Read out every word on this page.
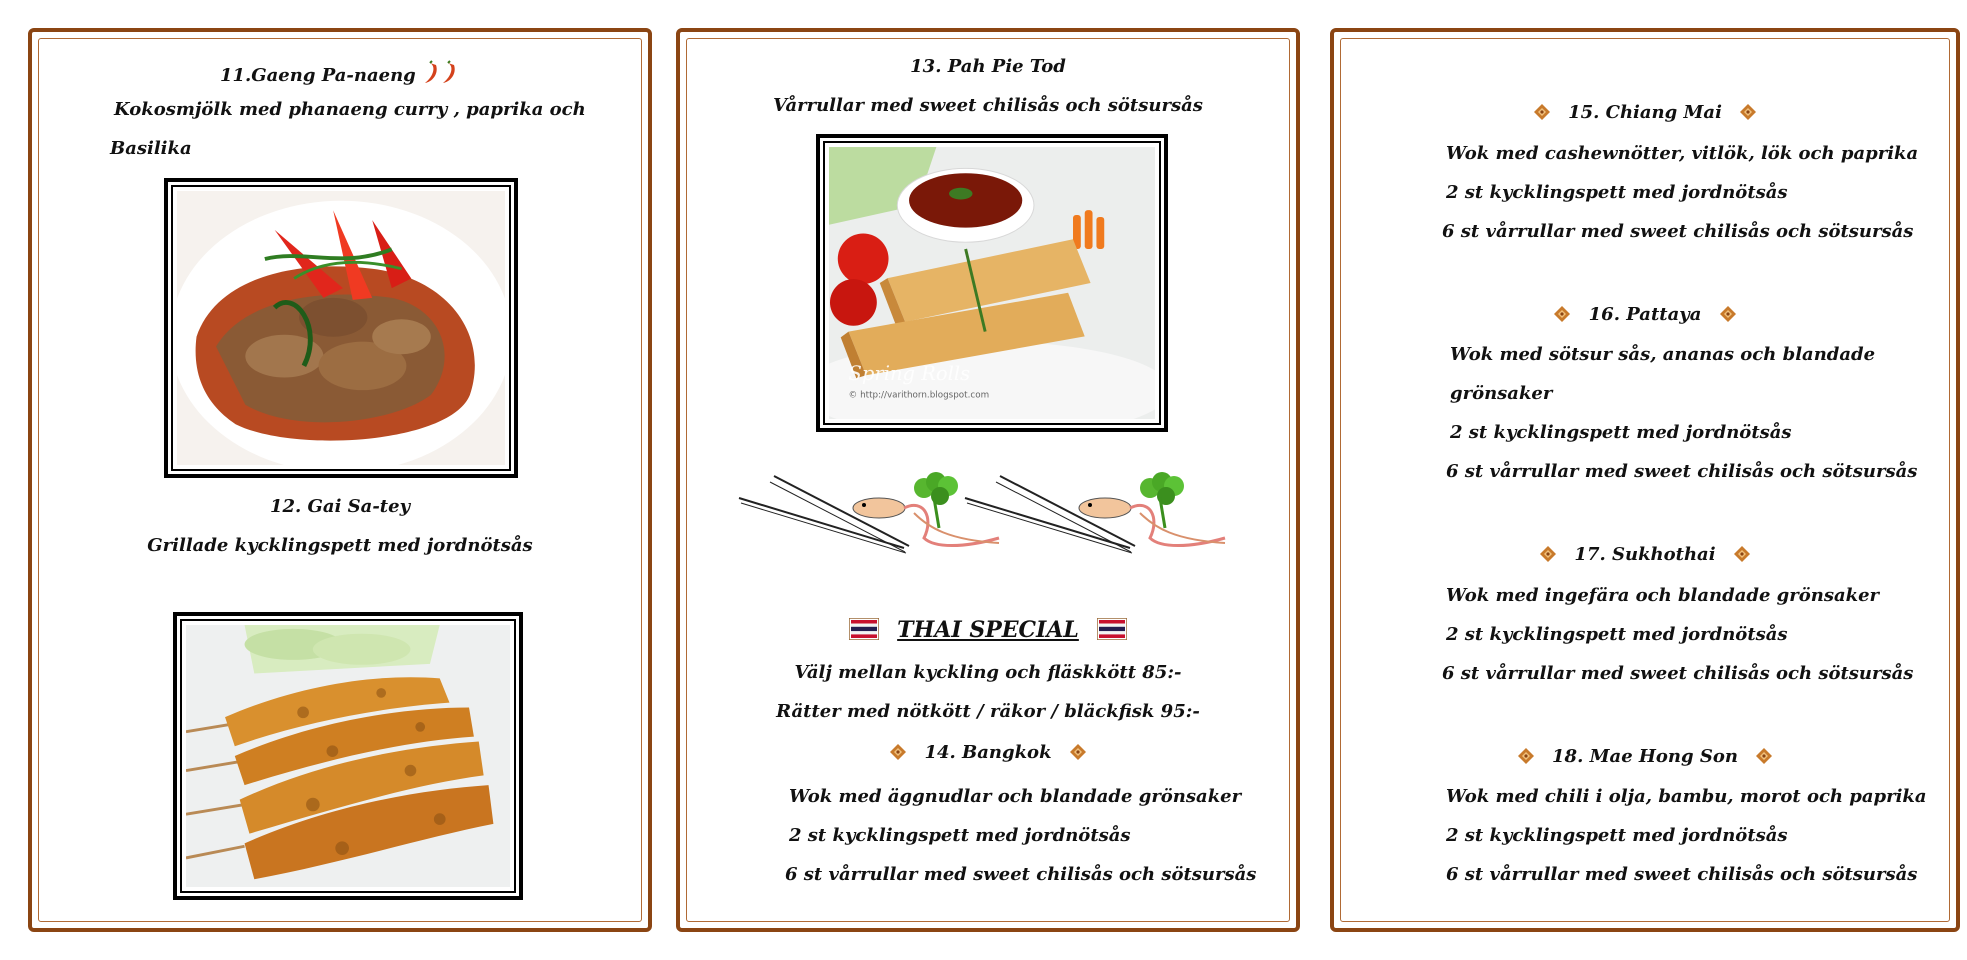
11.Gaeng Pa-naeng
Kokosmjölk med phanaeng curry , paprika och
Basilika
12. Gai Sa-tey
Grillade kycklingspett med jordnötsås
13. Pah Pie Tod
Vårrullar med sweet chilisås och sötsursås
Spring Rolls
© http://varithorn.blogspot.com
THAI SPECIAL
Välj mellan kyckling och fläskkött 85:-
Rätter med nötkött / räkor / bläckfisk 95:-
14. Bangkok
Wok med äggnudlar och blandade grönsaker
2 st kycklingspett med jordnötsås
6 st vårrullar med sweet chilisås och sötsursås
15. Chiang Mai
Wok med cashewnötter, vitlök, lök och paprika
2 st kycklingspett med jordnötsås
6 st vårrullar med sweet chilisås och sötsursås
16. Pattaya
Wok med sötsur sås, ananas och blandade
grönsaker
2 st kycklingspett med jordnötsås
6 st vårrullar med sweet chilisås och sötsursås
17. Sukhothai
Wok med ingefära och blandade grönsaker
2 st kycklingspett med jordnötsås
6 st vårrullar med sweet chilisås och sötsursås
18. Mae Hong Son
Wok med chili i olja, bambu, morot och paprika
2 st kycklingspett med jordnötsås
6 st vårrullar med sweet chilisås och sötsursås
